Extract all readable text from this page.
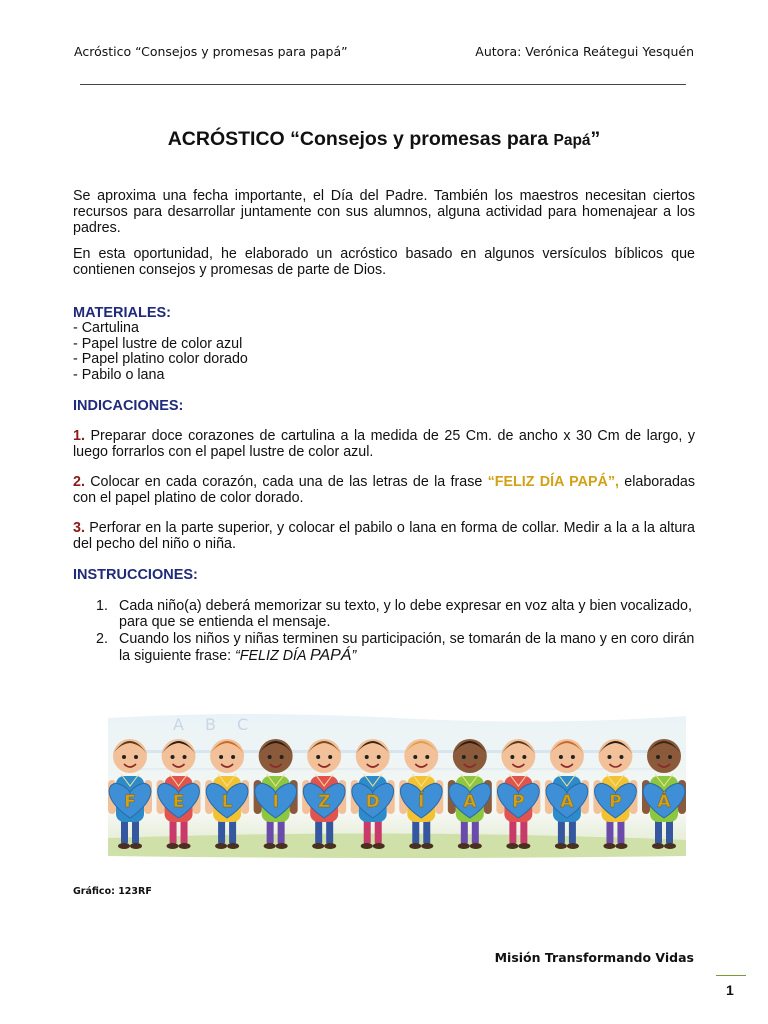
Acróstico “Consejos y promesas para papá”	Autora: Verónica Reátegui Yesquén
ACRÓSTICO “Consejos y promesas para Papá”

Se aproxima una fecha importante, el Día del Padre. También los maestros necesitan ciertos recursos para desarrollar juntamente con sus alumnos, alguna actividad para homenajear a los padres.

En esta oportunidad, he elaborado un acróstico basado en algunos versículos bíblicos que contienen consejos y promesas de parte de Dios.

MATERIALES:
- Cartulina
- Papel lustre de color azul
- Papel platino color dorado
- Pabilo o lana
INDICACIONES:

1. Preparar doce corazones de cartulina a la medida de 25 Cm. de ancho x 30 Cm de largo, y luego forrarlos con el papel lustre de color azul.

2. Colocar en cada corazón, cada una de las letras de la frase “FELIZ DÍA PAPÁ”, elaboradas con el papel platino de color dorado.

3. Perforar en la parte superior, y colocar el pabilo o lana en forma de collar. Medir a la a la altura del pecho del niño o niña.

INSTRUCCIONES:
1. Cada niño(a) deberá memorizar su texto, y lo debe expresar en voz alta y bien vocalizado, para que se entienda el mensaje.
2. Cuando los niños y niñas terminen su participación, se tomarán de la mano y en coro dirán la siguiente frase: “FELIZ DÍA PAPÁ”
A B C
F E L I Z D Í A P A P Á
Gráfico: 123RF
Misión Transformando Vidas
1
